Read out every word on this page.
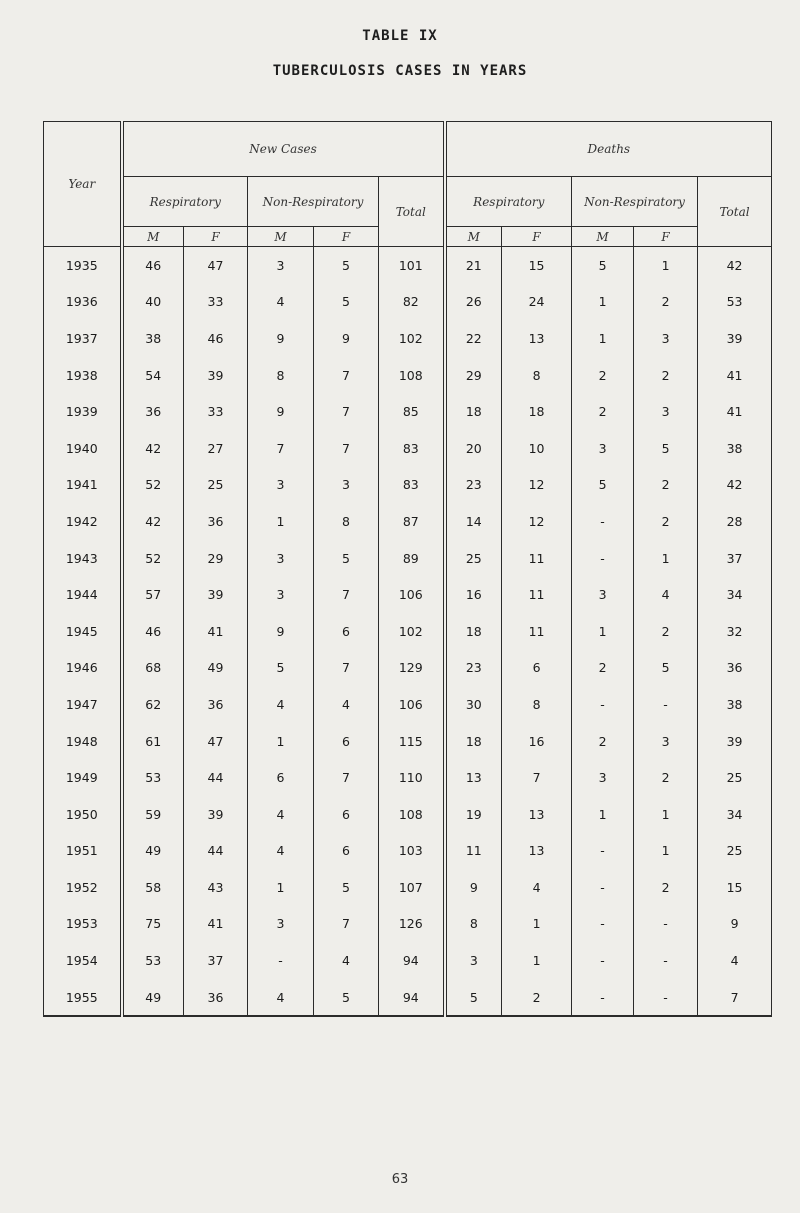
TABLE IX
TUBERCULOSIS CASES IN YEARS
Year	New Cases					Deaths				
	Respiratory		Non-Respiratory		Total	Respiratory		Non-Respiratory		Total
	M	F	M	F		M	F	M	F	
1935	46	47	3	5	101	21	15	5	1	42
1936	40	33	4	5	82	26	24	1	2	53
1937	38	46	9	9	102	22	13	1	3	39
1938	54	39	8	7	108	29	8	2	2	41
1939	36	33	9	7	85	18	18	2	3	41
1940	42	27	7	7	83	20	10	3	5	38
1941	52	25	3	3	83	23	12	5	2	42
1942	42	36	1	8	87	14	12	-	2	28
1943	52	29	3	5	89	25	11	-	1	37
1944	57	39	3	7	106	16	11	3	4	34
1945	46	41	9	6	102	18	11	1	2	32
1946	68	49	5	7	129	23	6	2	5	36
1947	62	36	4	4	106	30	8	-	-	38
1948	61	47	1	6	115	18	16	2	3	39
1949	53	44	6	7	110	13	7	3	2	25
1950	59	39	4	6	108	19	13	1	1	34
1951	49	44	4	6	103	11	13	-	1	25
1952	58	43	1	5	107	9	4	-	2	15
1953	75	41	3	7	126	8	1	-	-	9
1954	53	37	-	4	94	3	1	-	-	4
1955	49	36	4	5	94	5	2	-	-	7
63
